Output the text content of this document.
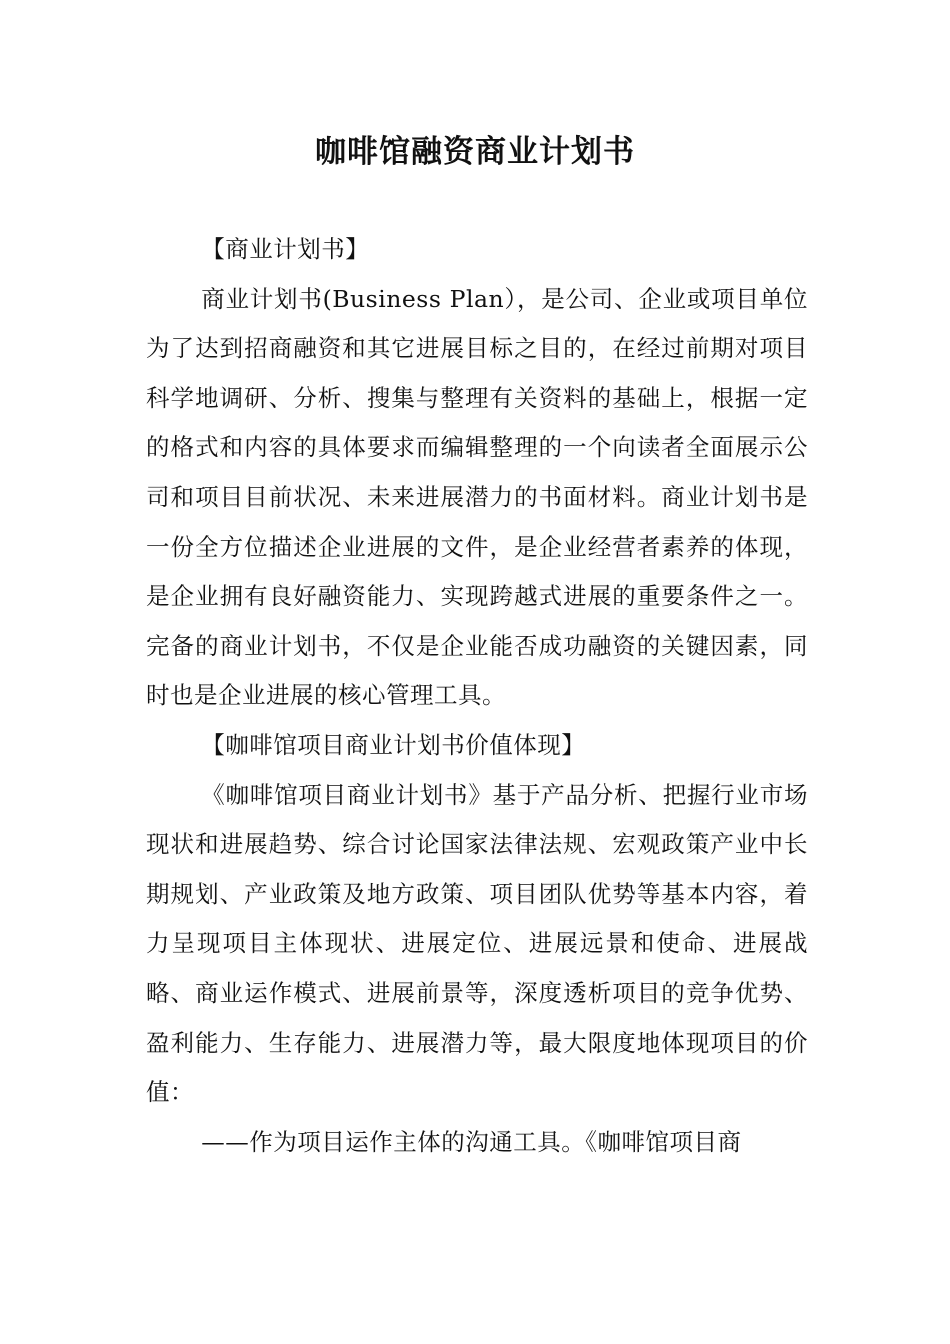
咖啡馆融资商业计划书

【商业计划书】

商业计划书(Business Plan），是公司、企业或项目单位为了达到招商融资和其它进展目标之目的，在经过前期对项目科学地调研、分析、搜集与整理有关资料的基础上，根据一定的格式和内容的具体要求而编辑整理的一个向读者全面展示公司和项目目前状况、未来进展潜力的书面材料。商业计划书是一份全方位描述企业进展的文件，是企业经营者素养的体现，是企业拥有良好融资能力、实现跨越式进展的重要条件之一。完备的商业计划书，不仅是企业能否成功融资的关键因素，同时也是企业进展的核心管理工具。

【咖啡馆项目商业计划书价值体现】

《咖啡馆项目商业计划书》基于产品分析、把握行业市场现状和进展趋势、综合讨论国家法律法规、宏观政策产业中长期规划、产业政策及地方政策、项目团队优势等基本内容，着力呈现项目主体现状、进展定位、进展远景和使命、进展战略、商业运作模式、进展前景等，深度透析项目的竞争优势、盈利能力、生存能力、进展潜力等，最大限度地体现项目的价值：

——作为项目运作主体的沟通工具。《咖啡馆项目商
